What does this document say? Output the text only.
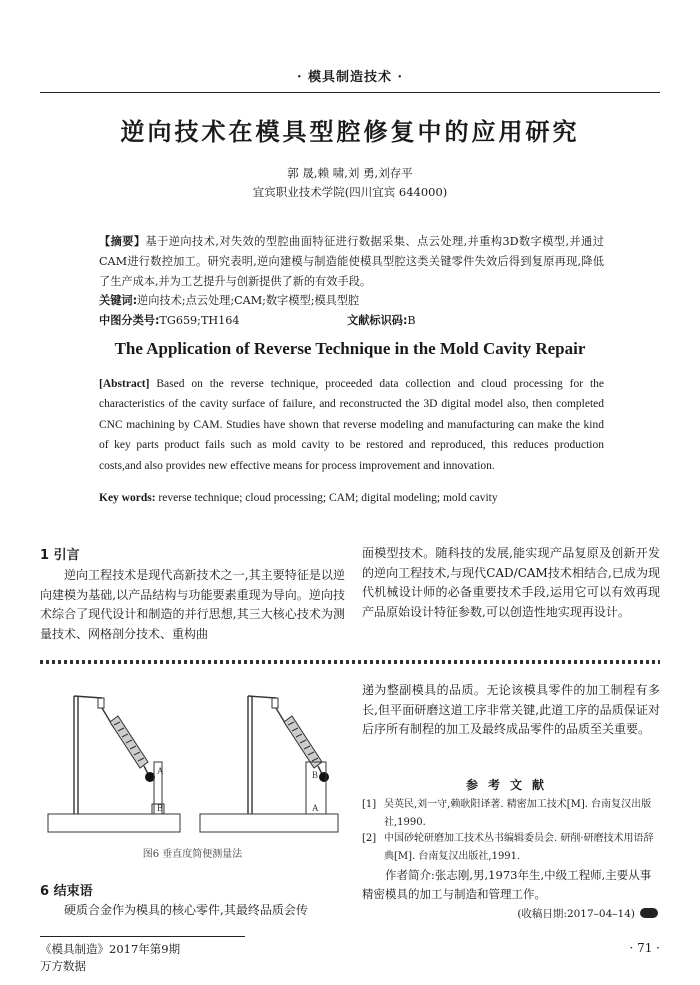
· 模具制造技术 ·
逆向技术在模具型腔修复中的应用研究
郭 晟,赖 啸,刘 勇,刘存平
宜宾职业技术学院(四川宜宾 644000)
【摘要】基于逆向技术,对失效的型腔曲面特征进行数据采集、点云处理,并重构3D数字模型,并通过CAM进行数控加工。研究表明,逆向建模与制造能使模具型腔这类关键零件失效后得到复原再现,降低了生产成本,并为工艺提升与创新提供了新的有效手段。
关键词:逆向技术;点云处理;CAM;数字模型;模具型腔
中图分类号:TG659;TH164	文献标识码:B
The Application of Reverse Technique in the Mold Cavity Repair
[Abstract] Based on the reverse technique, proceeded data collection and cloud processing for the characteristics of the cavity surface of failure, and reconstructed the 3D digital model also, then completed CNC machining by CAM. Studies have shown that reverse modeling and manufacturing can make the kind of key parts product fails such as mold cavity to be restored and reproduced, this reduces production costs,and also provides new effective means for process improvement and innovation.
Key words: reverse technique; cloud processing; CAM; digital modeling; mold cavity
1 引言
逆向工程技术是现代高新技术之一,其主要特征是以逆向建模为基础,以产品结构与功能要素重现为导向。逆向技术综合了现代设计和制造的并行思想,其三大核心技术为测量技术、网格剖分技术、重构曲
面模型技术。随科技的发展,能实现产品复原及创新开发的逆向工程技术,与现代CAD/CAM技术相结合,已成为现代机械设计师的必备重要技术手段,运用它可以有效再现产品原始设计特征参数,可以创造性地实现再设计。
A
B
B
A
图6 垂直度简便测量法
6 结束语
硬质合金作为模具的核心零件,其最终品质会传
递为整副模具的品质。无论该模具零件的加工制程有多长,但平面研磨这道工序非常关键,此道工序的品质保证对后序所有制程的加工及最终成品零件的品质至关重要。
参考文献
[1] 吴英民,刘一守,赖耿阳译著. 精密加工技术[M]. 台南复汉出版社,1990.
[2] 中国砂轮研磨加工技术丛书编辑委员会. 研削·研磨技术用语辞典[M]. 台南复汉出版社,1991.
作者简介:张志刚,男,1973年生,中级工程师,主要从事精密模具的加工与制造和管理工作。
(收稿日期:2017–04–14)
《模具制造》2017年第9期
万方数据
· 71 ·
